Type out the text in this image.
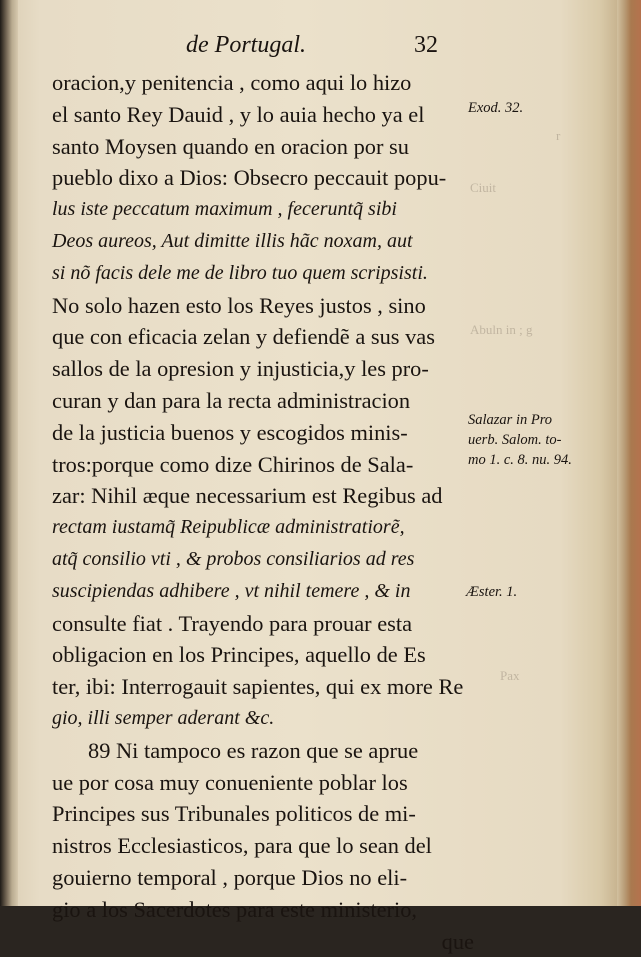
r
Ciuit
Abuln in ; g
Pax
de Portugal.	32
oracion,y penitencia , como aqui lo hizo
el santo Rey Dauid , y lo auia hecho ya el
santo Moysen quando en oracion por su
pueblo dixo a Dios: Obsecro peccauit popu-
lus iste peccatum maximum , feceruntq̃ sibi
Deos aureos, Aut dimitte illis hãc noxam, aut
si nõ facis dele me de libro tuo quem scripsisti.
No solo hazen esto los Reyes justos , sino
que con eficacia zelan y defiendẽ a sus vas
sallos de la opresion y injusticia,y les pro-
curan y dan para la recta administracion
de la justicia buenos y escogidos minis-
tros:porque como dize Chirinos de Sala-
zar: Nihil æque necessarium est Regibus ad
rectam iustamq̃ Reipublicæ administratiorẽ,
atq̃ consilio vti , & probos consiliarios ad res
suscipiendas adhibere , vt nihil temere , & in
consulte fiat . Trayendo para prouar esta
obligacion en los Principes, aquello de Es
ter, ibi: Interrogauit sapientes, qui ex more Re
gio, illi semper aderant &c.
89 Ni tampoco es razon que se aprue
ue por cosa muy conueniente poblar los
Principes sus Tribunales politicos de mi-
nistros Ecclesiasticos, para que lo sean del
gouierno temporal , porque Dios no eli-
gio a los Sacerdotes para este ministerio,
que
Exod. 32.
Salazar in Pro
uerb. Salom. to-
mo 1. c. 8. nu. 94.
Æster. 1.
